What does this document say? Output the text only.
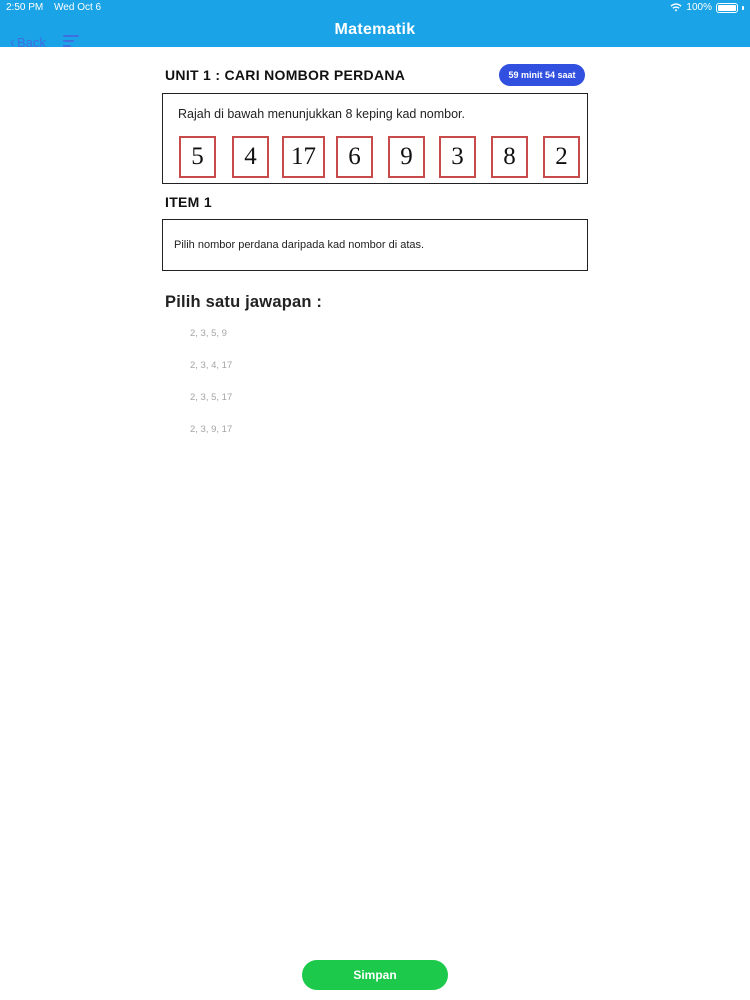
2:50 PM Wed Oct 6	100%
Matematik
‹ Back
UNIT 1 : CARI NOMBOR PERDANA	59 minit 54 saat
Rajah di bawah menunjukkan 8 keping kad nombor.
5	4	17	6	9	3	8	2
ITEM 1
Pilih nombor perdana daripada kad nombor di atas.
Pilih satu jawapan :
2, 3, 5, 9
2, 3, 4, 17
2, 3, 5, 17
2, 3, 9, 17
Simpan
